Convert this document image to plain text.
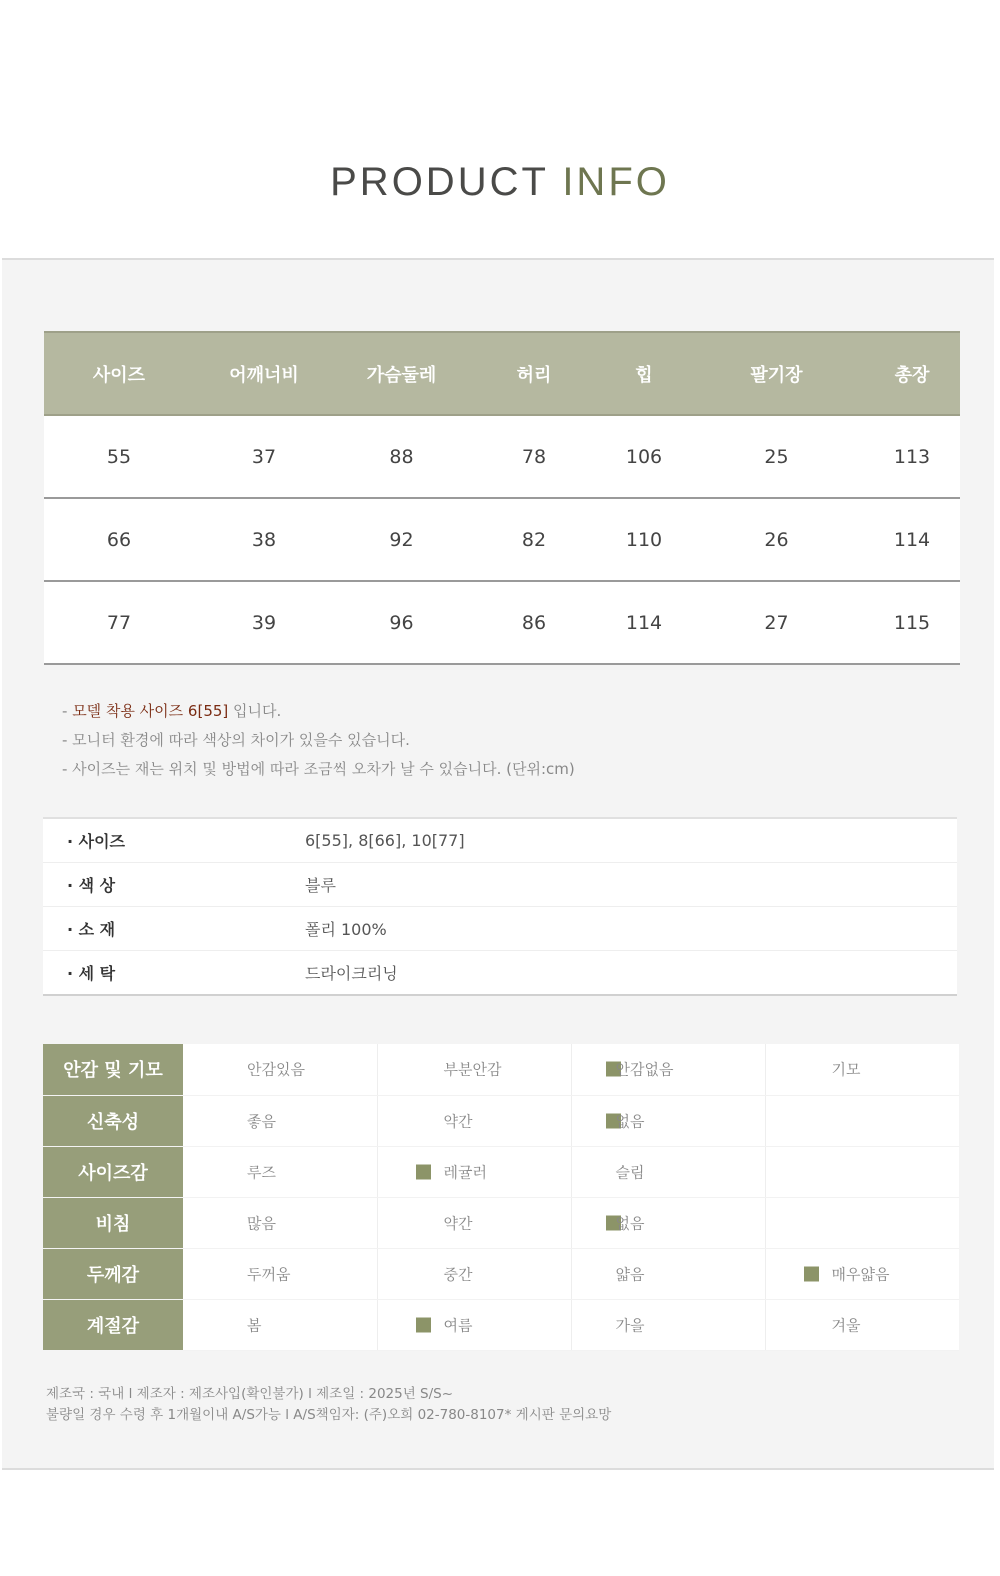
PRODUCT INFO
사이즈	어깨너비	가슴둘레	허리	힙	팔기장	총장
55	37	88	78	106	25	113
66	38	92	82	110	26	114
77	39	96	86	114	27	115
- 모델 착용 사이즈 6[55] 입니다.
- 모니터 환경에 따라 색상의 차이가 있을수 있습니다.
- 사이즈는 재는 위치 및 방법에 따라 조금씩 오차가 날 수 있습니다. (단위:cm)
· 사이즈	6[55], 8[66], 10[77]
· 색 상	블루
· 소 재	폴리 100%
· 세 탁	드라이크리닝
안감 및 기모	안감있음	부분안감	안감없음	기모

신축성	좋음	약간	없음	

사이즈감	루즈	레귤러	슬림	

비침	많음	약간	없음	

두께감	두꺼움	중간	얇음	매우얇음

계절감	봄	여름	가을	겨울
제조국 : 국내 l 제조자 : 제조사입(확인불가) l 제조일 : 2025년 S/S~
불량일 경우 수령 후 1개월이내 A/S가능 l A/S책임자: (주)오희 02-780-8107* 게시판 문의요망
